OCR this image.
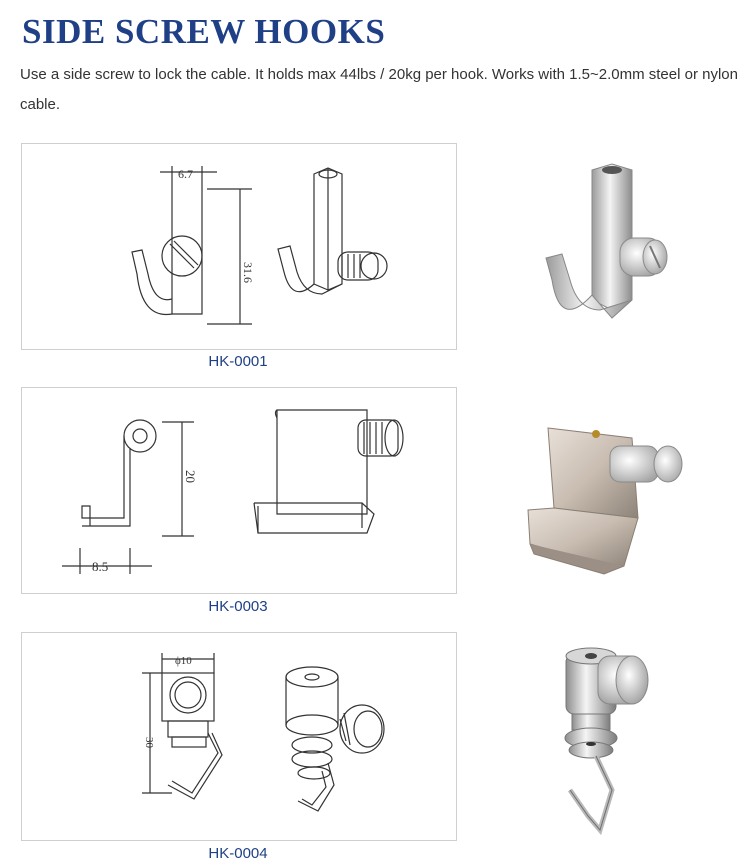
SIDE SCREW HOOKS

Use a side screw to lock the cable. It holds max 44lbs / 20kg per hook. Works with 1.5~2.0mm steel or nylon cable.

6.7
31.6
HK-0001
20
8.5
HK-0003
ϕ10
30
HK-0004
